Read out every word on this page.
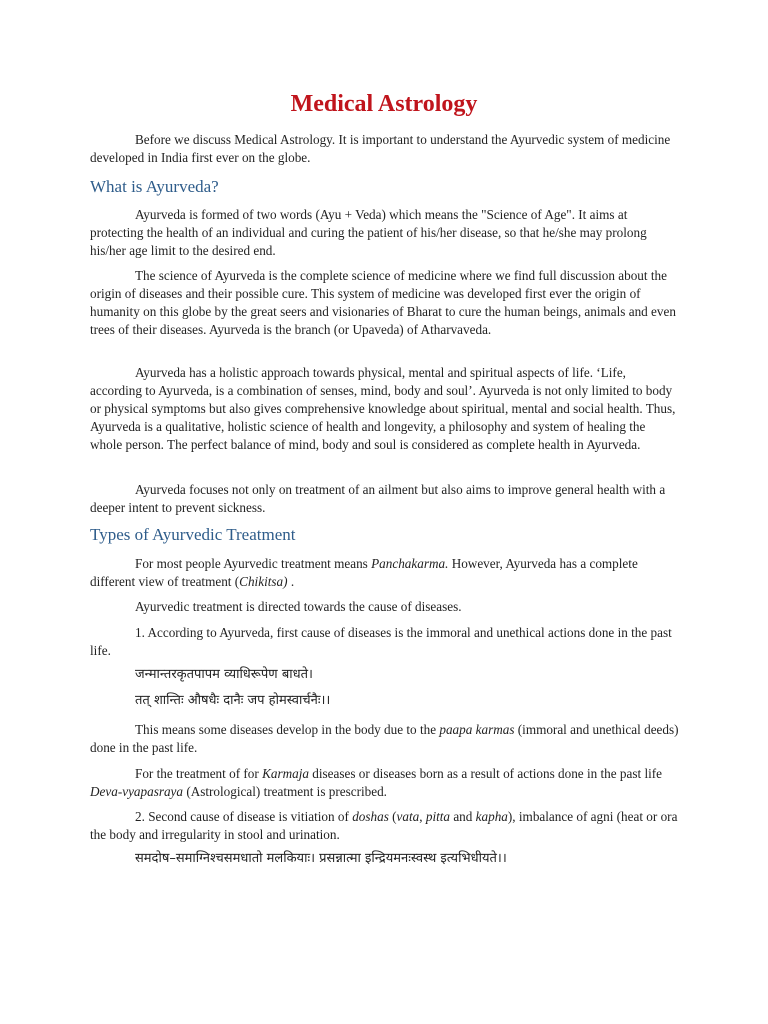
Medical Astrology

Before we discuss Medical Astrology. It is important to understand the Ayurvedic system of medicine developed in India first ever on the globe.

What is Ayurveda?

Ayurveda is formed of two words (Ayu + Veda) which means the "Science of Age". It aims at protecting the health of an individual and curing the patient of his/her disease, so that he/she may prolong his/her age limit to the desired end.

The science of Ayurveda is the complete science of medicine where we find full discussion about the origin of diseases and their possible cure. This system of medicine was developed first ever the origin of humanity on this globe by the great seers and visionaries of Bharat to cure the human beings, animals and even trees of their diseases. Ayurveda is the branch (or Upaveda) of Atharvaveda.

Ayurveda has a holistic approach towards physical, mental and spiritual aspects of life. ‘Life, according to Ayurveda, is a combination of senses, mind, body and soul’. Ayurveda is not only limited to body or physical symptoms but also gives comprehensive knowledge about spiritual, mental and social health. Thus, Ayurveda is a qualitative, holistic science of health and longevity, a philosophy and system of healing the whole person. The perfect balance of mind, body and soul is considered as complete health in Ayurveda.

Ayurveda focuses not only on treatment of an ailment but also aims to improve general health with a deeper intent to prevent sickness.

Types of Ayurvedic Treatment

For most people Ayurvedic treatment means Panchakarma. However, Ayurveda has a complete different view of treatment (Chikitsa) .

Ayurvedic treatment is directed towards the cause of diseases.

1. According to Ayurveda, first cause of diseases is the immoral and unethical actions done in the past life.

जन्मान्तरकृतपापम व्याधिरूपेण बाधते।

तत् शान्तिः औषधैः दानैः जप होमस्वार्चनैः।।

This means some diseases develop in the body due to the paapa karmas (immoral and unethical deeds) done in the past life.

For the treatment of for Karmaja diseases or diseases born as a result of actions done in the past life Deva-vyapasraya (Astrological) treatment is prescribed.

2. Second cause of disease is vitiation of doshas (vata, pitta and kapha), imbalance of agni (heat or ora the body and irregularity in stool and urination.

समदोष–समाग्निश्चसमधातो मलकियाः। प्रसन्नात्मा इन्द्रियमनःस्वस्थ इत्यभिधीयते।।
